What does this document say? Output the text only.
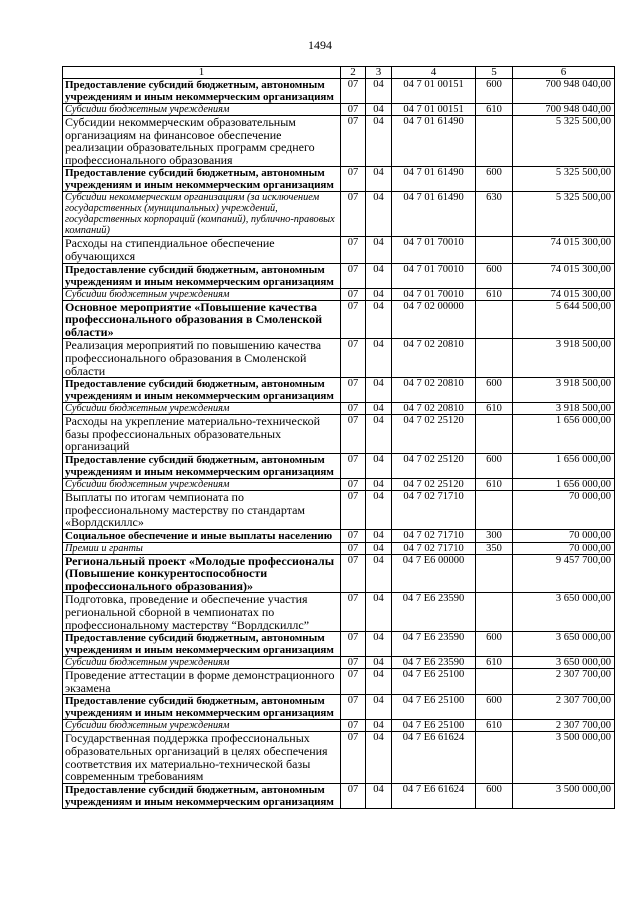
1494
1	2	3	4	5	6
Предоставление субсидий бюджетным, автономным учреждениям и иным некоммерческим организациям	07	04	04 7 01 00151	600	700 948 040,00
Субсидии бюджетным учреждениям	07	04	04 7 01 00151	610	700 948 040,00
Субсидии некоммерческим образовательным организациям на финансовое обеспечение реализации образовательных программ среднего профессионального образования	07	04	04 7 01 61490		5 325 500,00
Предоставление субсидий бюджетным, автономным учреждениям и иным некоммерческим организациям	07	04	04 7 01 61490	600	5 325 500,00
Субсидии некоммерческим организациям (за исключением государственных (муниципальных) учреждений, государственных корпораций (компаний), публично-правовых компаний)	07	04	04 7 01 61490	630	5 325 500,00
Расходы на стипендиальное обеспечение обучающихся	07	04	04 7 01 70010		74 015 300,00
Предоставление субсидий бюджетным, автономным учреждениям и иным некоммерческим организациям	07	04	04 7 01 70010	600	74 015 300,00
Субсидии бюджетным учреждениям	07	04	04 7 01 70010	610	74 015 300,00
Основное мероприятие «Повышение качества профессионального образования в Смоленской области»	07	04	04 7 02 00000		5 644 500,00
Реализация мероприятий по повышению качества профессионального образования в Смоленской области	07	04	04 7 02 20810		3 918 500,00
Предоставление субсидий бюджетным, автономным учреждениям и иным некоммерческим организациям	07	04	04 7 02 20810	600	3 918 500,00
Субсидии бюджетным учреждениям	07	04	04 7 02 20810	610	3 918 500,00
Расходы на укрепление материально-технической базы профессиональных образовательных организаций	07	04	04 7 02 25120		1 656 000,00
Предоставление субсидий бюджетным, автономным учреждениям и иным некоммерческим организациям	07	04	04 7 02 25120	600	1 656 000,00
Субсидии бюджетным учреждениям	07	04	04 7 02 25120	610	1 656 000,00
Выплаты по итогам чемпионата по профессиональному мастерству по стандартам «Ворлдскиллс»	07	04	04 7 02 71710		70 000,00
Социальное обеспечение и иные выплаты населению	07	04	04 7 02 71710	300	70 000,00
Премии и гранты	07	04	04 7 02 71710	350	70 000,00
Региональный проект «Молодые профессионалы (Повышение конкурентоспособности профессионального образования)»	07	04	04 7 E6 00000		9 457 700,00
Подготовка, проведение и обеспечение участия региональной сборной в чемпионатах по профессиональному мастерству “Ворлдскиллс”	07	04	04 7 E6 23590		3 650 000,00
Предоставление субсидий бюджетным, автономным учреждениям и иным некоммерческим организациям	07	04	04 7 E6 23590	600	3 650 000,00
Субсидии бюджетным учреждениям	07	04	04 7 E6 23590	610	3 650 000,00
Проведение аттестации в форме демонстрационного экзамена	07	04	04 7 E6 25100		2 307 700,00
Предоставление субсидий бюджетным, автономным учреждениям и иным некоммерческим организациям	07	04	04 7 E6 25100	600	2 307 700,00
Субсидии бюджетным учреждениям	07	04	04 7 E6 25100	610	2 307 700,00
Государственная поддержка профессиональных образовательных организаций в целях обеспечения соответствия их материально-технической базы современным требованиям	07	04	04 7 E6 61624		3 500 000,00
Предоставление субсидий бюджетным, автономным учреждениям и иным некоммерческим организациям	07	04	04 7 E6 61624	600	3 500 000,00
